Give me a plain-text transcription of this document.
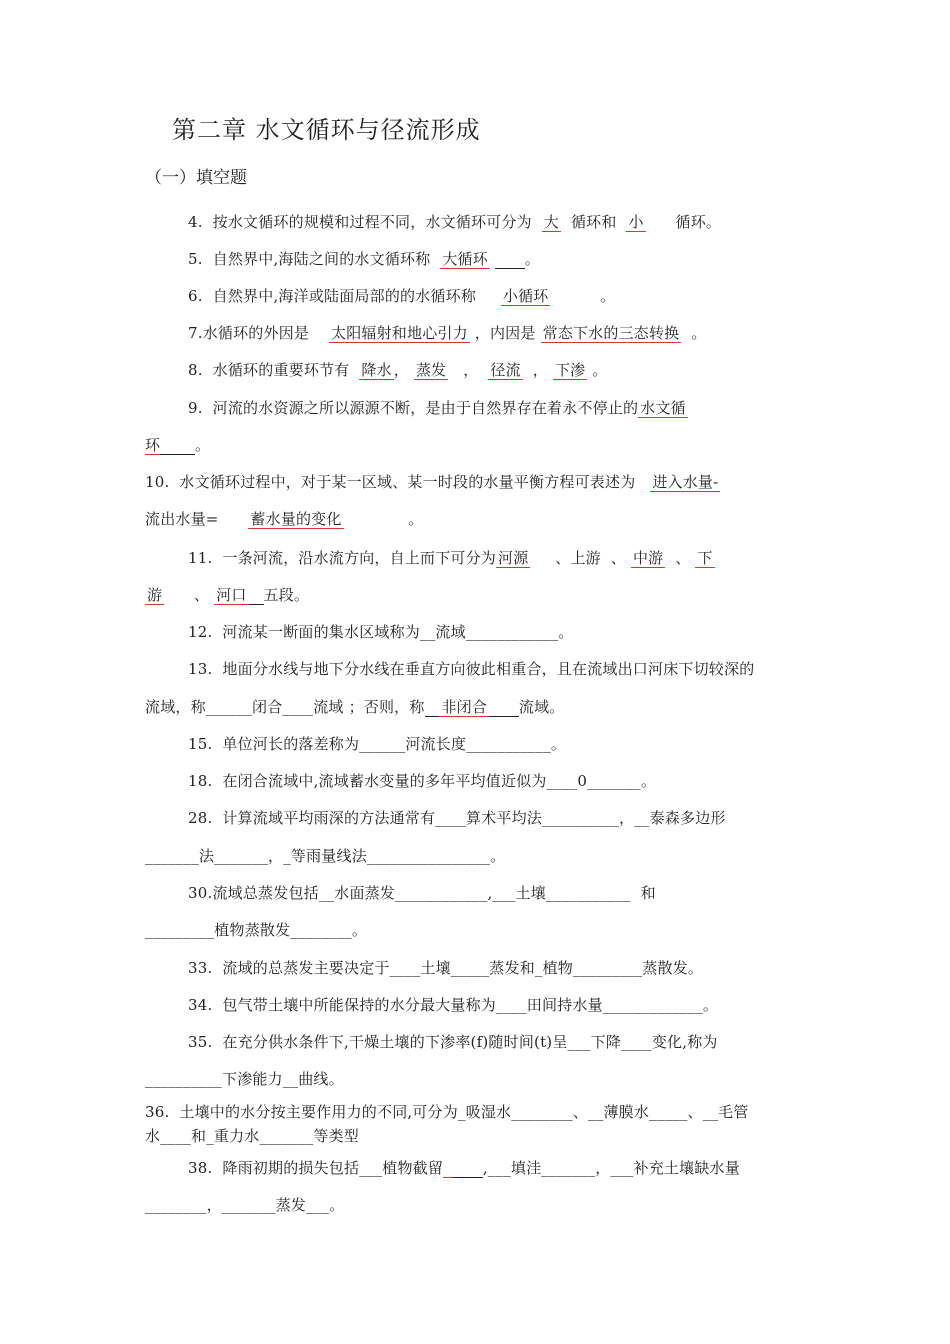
第二章 水文循环与径流形成
（一）填空题
4.  按水文循环的规模和过程不同，水文循环可分为 大 循环和 小 循环。
5.  自然界中,海陆之间的水文循环称 大循环 。
6.  自然界中,海洋或陆面局部的的水循环称 小循环	。
7.水循环的外因是 太阳辐射和地心引力 ，内因是 常态下水的三态转换 。
8.  水循环的重要环节有 降水 ， 蒸发 ， 径流 ， 下渗 。
9.  河流的水资源之所以源源不断，是由于自然界存在着永不停止的 水文循
环 。
10.  水文循环过程中，对于某一区域、某一时段的水量平衡方程可表述为 进入水量-
流出水量= 蓄水量的变化	。
11.  一条河流，沿水流方向，自上而下可分为 河源 、上游  、 中游 、 下
游 、 河口 五段。
12.  河流某一断面的集水区域称为__流域____________。
13.  地面分水线与地下分水线在垂直方向彼此相重合，且在流域出口河床下切较深的
流域，称______闭合____流域 ；否则，称 非闭合 流域。
15.  单位河长的落差称为______河流长度___________。
18.  在闭合流域中,流域蓄水变量的多年平均值近似为____0_______。
28.  计算流域平均雨深的方法通常有____算术平均法__________，__泰森多边形
_______法_______，_等雨量线法________________。
30.流域总蒸发包括__水面蒸发____________,___土壤___________ 和
_________植物蒸散发________。
33.  流域的总蒸发主要决定于____土壤_____蒸发和_植物_________蒸散发。
34.  包气带土壤中所能保持的水分最大量称为____田间持水量_____________。
35.  在充分供水条件下,干燥土壤的下渗率(f)随时间(t)呈___下降____变化,称为
__________下渗能力__曲线。
36.  土壤中的水分按主要作用力的不同,可分为_吸湿水________、__薄膜水_____、__毛管
水____和_重力水_______等类型
38.  降雨初期的损失包括___植物截留	,___填洼_______，___补充土壤缺水量
________，_______蒸发___。
